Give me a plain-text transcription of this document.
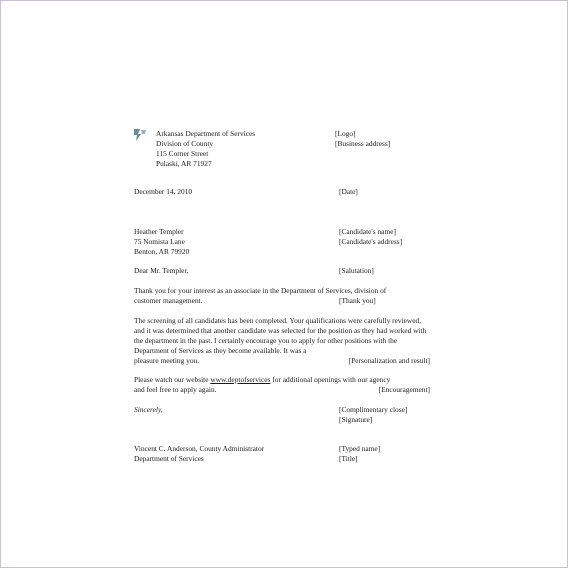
Arkansas Department of Services
Division of County
115 Corner Street
Pulaski, AR 71927
[Logo]
[Business address]
December 14, 2010	[Date]
Heather Templer
75 Nomista Lane
Benton, AR 79920
[Candidate's name]
[Candidate's address]
Dear Mr. Templer,	[Salutation]
Thank you for your interest as an associate in the Department of Services, division of
customer management.	[Thank you]
The screening of all candidates has been completed. Your qualifications were carefully reviewed, and it was determined that another candidate was selected for the position as they had worked with the department in the past. I certainly encourage you to apply for other positions with the Department of Services as they become available. It was a
[Personalization and result]
pleasure meeting you.
Please watch our website www.deptofservices for additional openings with our agency
[Encouragement]
and feel free to apply again.
Sincerely,	[Complimentary close]
[Signature]
Vincent C. Anderson, County Administrator
Department of Services
[Typed name]
[Title]
